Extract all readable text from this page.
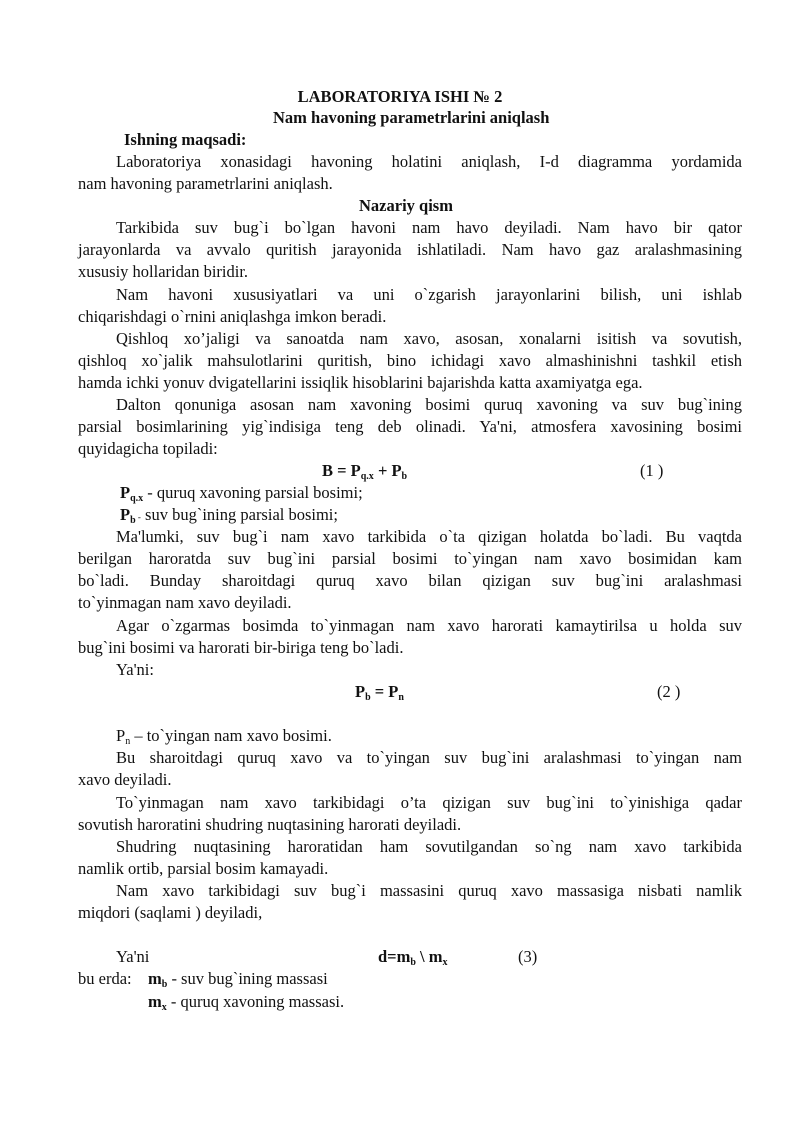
LABORATORIYA ISHI № 2
Nam havoning parametrlarini aniqlash
Ishning maqsadi:
Laboratoriya xonasidagi havoning holatini aniqlash, I-d diagramma yordamida
nam havoning parametrlarini aniqlash.
Nazariy qism
Tarkibida suv bug`i bo`lgan havoni nam havo deyiladi. Nam havo bir qator
jarayonlarda va avvalo quritish jarayonida ishlatiladi. Nam havo gaz aralashmasining
xususiy hollaridan biridir.
Nam havoni xususiyatlari va uni o`zgarish jarayonlarini bilish, uni ishlab
chiqarishdagi o`rnini aniqlashga imkon beradi.
Qishloq xo’jaligi va sanoatda nam xavo, asosan, xonalarni isitish va sovutish,
qishloq xo`jalik mahsulotlarini quritish, bino ichidagi xavo almashinishni tashkil etish
hamda ichki yonuv dvigatellarini issiqlik hisoblarini bajarishda katta axamiyatga ega.
Dalton qonuniga asosan nam xavoning bosimi quruq xavoning va suv bug`ining
parsial bosimlarining yig`indisiga teng deb olinadi. Ya'ni, atmosfera xavosining bosimi
quyidagicha topiladi:
$B = P_{q.x} + P_b$	(1 )
$P_{q.x}$ - quruq xavoning parsial bosimi;
$P_b$ - suv bug`ining parsial bosimi;
Ma'lumki, suv bug`i nam xavo tarkibida o`ta qizigan holatda bo`ladi. Bu vaqtda
berilgan haroratda suv bug`ini parsial bosimi to`yingan nam xavo bosimidan kam
bo`ladi. Bunday sharoitdagi quruq xavo bilan qizigan suv bug`ini aralashmasi
to`yinmagan nam xavo deyiladi.
Agar o`zgarmas bosimda to`yinmagan nam xavo harorati kamaytirilsa u holda suv
bug`ini bosimi va harorati bir-biriga teng bo`ladi.
Ya'ni:
$P_b = P_n$	(2 )
$P_n$ – to`yingan nam xavo bosimi.
Bu sharoitdagi quruq xavo va to`yingan suv bug`ini aralashmasi to`yingan nam
xavo deyiladi.
To`yinmagan nam xavo tarkibidagi o’ta qizigan suv bug`ini to`yinishiga qadar
sovutish haroratini shudring nuqtasining harorati deyiladi.
Shudring nuqtasining haroratidan ham sovutilgandan so`ng nam xavo tarkibida
namlik ortib, parsial bosim kamayadi.
Nam xavo tarkibidagi suv bug`i massasini quruq xavo massasiga nisbati namlik
miqdori (saqlami ) deyiladi,
Ya'ni	$d=m_b$ \ $m_x$	(3)
bu erda: $m_b$ - suv bug`ining massasi
$m_x$ - quruq xavoning massasi.
